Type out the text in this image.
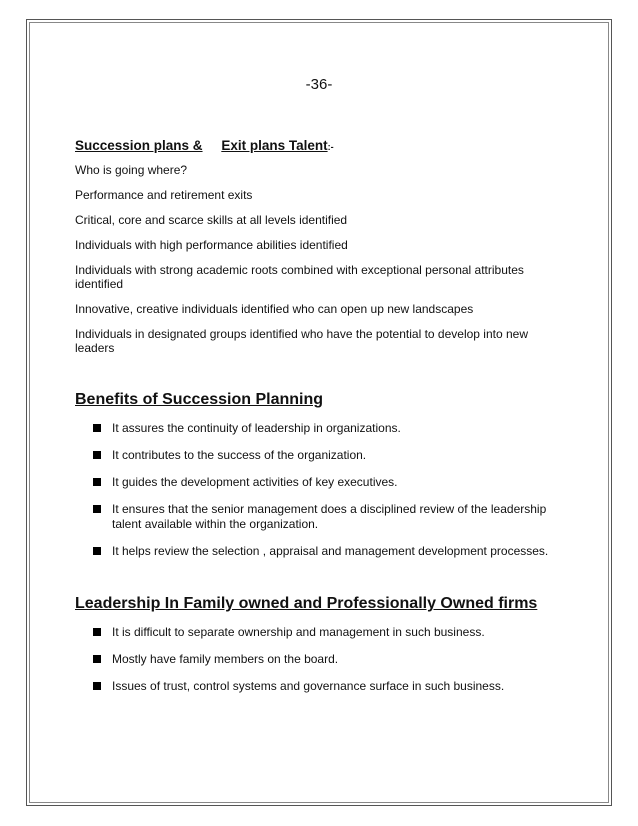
-36-
Succession plans & Exit plans Talent:-

Who is going where?

Performance and retirement exits

Critical, core and scarce skills at all levels identified

Individuals with high performance abilities identified

Individuals with strong academic roots combined with exceptional personal attributes identified

Innovative, creative individuals identified who can open up new landscapes

Individuals in designated groups identified who have the potential to develop into new leaders

Benefits of Succession Planning
It assures the continuity of leadership in organizations.
It contributes to the success of the organization.
It guides the development activities of key executives.
It ensures that the senior management does a disciplined review of the leadership talent available within the organization.
It helps review the selection , appraisal and management development processes.
Leadership In Family owned and Professionally Owned firms
It is difficult to separate ownership and management in such business.
Mostly have family members on the board.
Issues of trust, control systems and governance surface in such business.
